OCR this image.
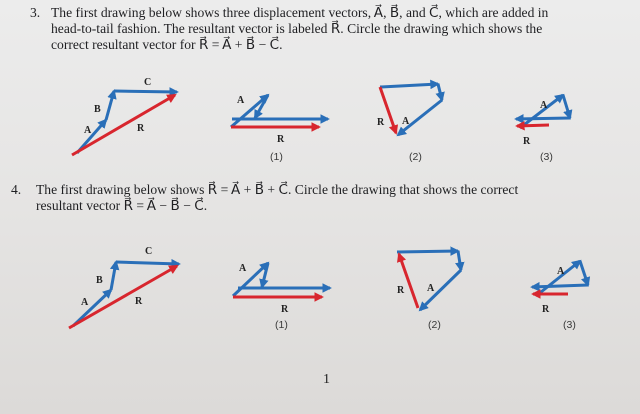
3. The first drawing below shows three displacement vectors, A⃗, B⃗, and C⃗, which are added in
head-to-tail fashion. The resultant vector is labeled R⃗. Circle the drawing which shows the
correct resultant vector for R⃗ = A⃗ + B⃗ − C⃗.
4. The first drawing below shows R⃗ = A⃗ + B⃗ + C⃗. Circle the drawing that shows the correct
resultant vector R⃗ = A⃗ − B⃗ − C⃗.
(1)	(2)	(3)
(1)	(2)	(3)
1
C⃗
B⃗
A⃗	R⃗
A⃗
R⃗
R⃗ A⃗
A⃗
R⃗
C⃗
B⃗
A⃗	R⃗
A⃗
R⃗
R⃗ A⃗
A⃗
R⃗
